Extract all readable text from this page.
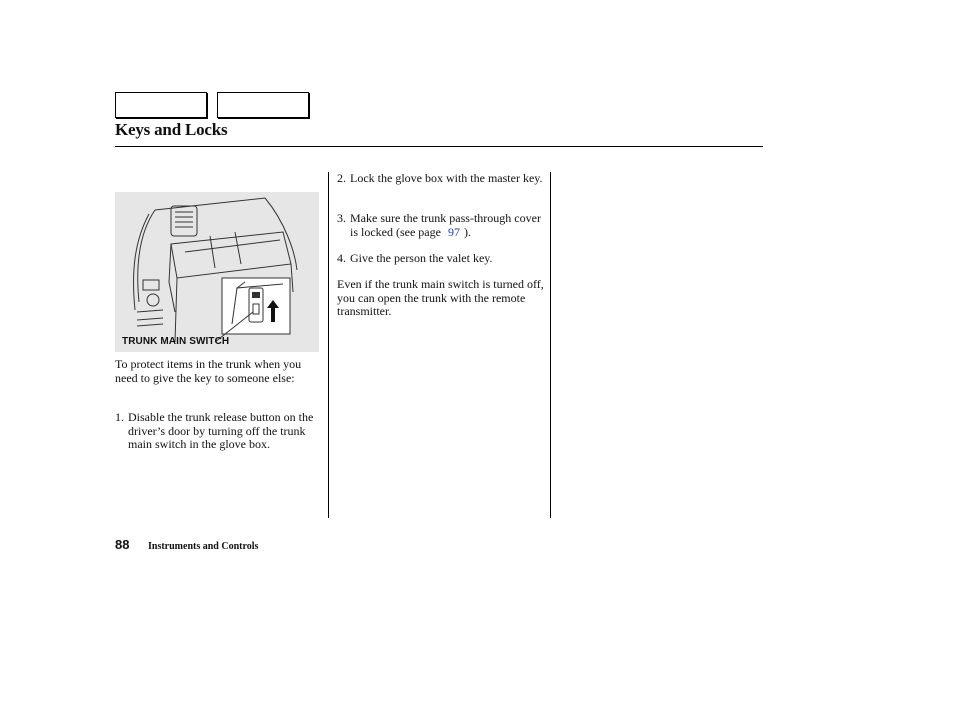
Keys and Locks
TRUNK MAIN SWITCH
To protect items in the trunk when you need to give the key to someone else:
1. Disable the trunk release button on the driver’s door by turning off the trunk main switch in the glove box.
2. Lock the glove box with the master key.
3. Make sure the trunk pass-through cover is locked (see page 97 ).
4. Give the person the valet key.
Even if the trunk main switch is turned off, you can open the trunk with the remote transmitter.
88 Instruments and Controls
